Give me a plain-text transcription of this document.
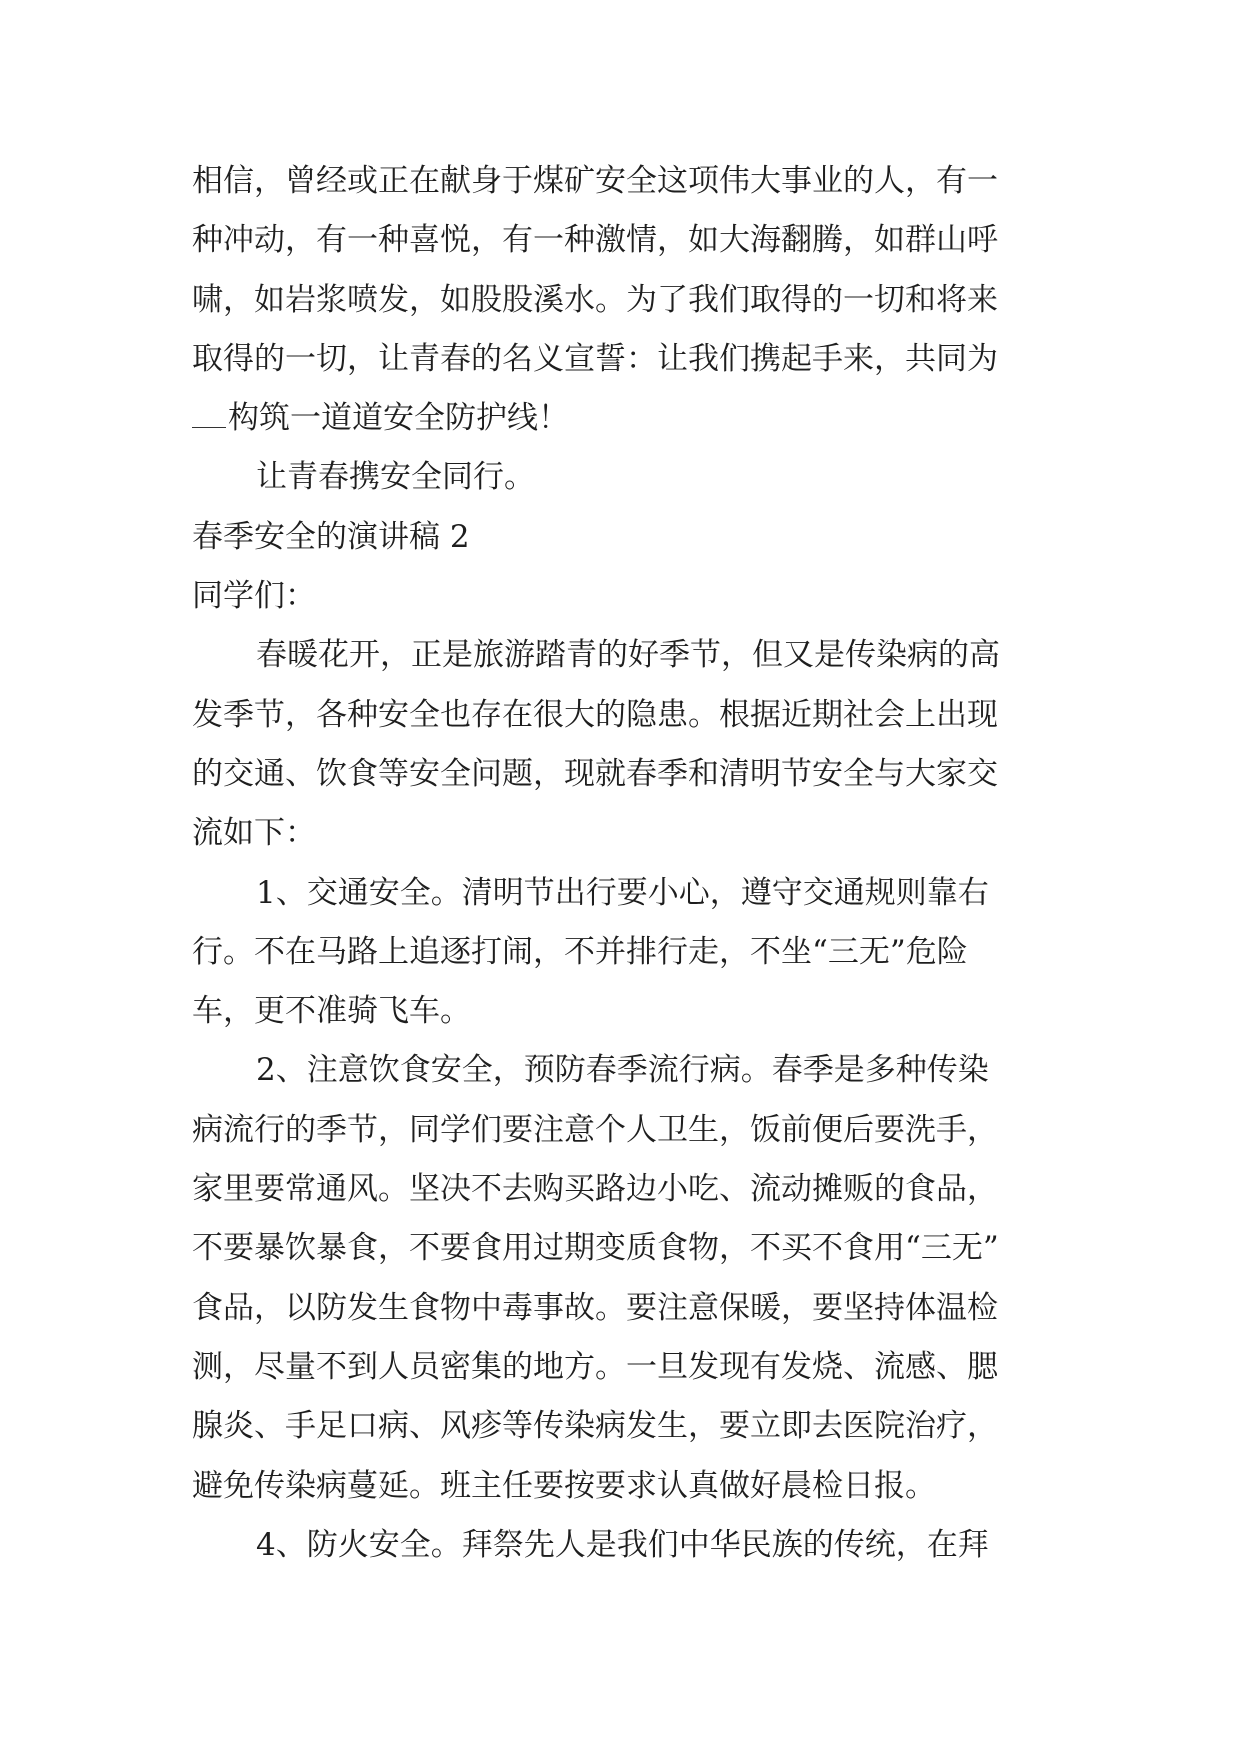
相信，曾经或正在献身于煤矿安全这项伟大事业的人，有一
种冲动，有一种喜悦，有一种激情，如大海翻腾，如群山呼
啸，如岩浆喷发，如股股溪水。为了我们取得的一切和将来
取得的一切，让青春的名义宣誓：让我们携起手来，共同为
构筑一道道安全防护线！
让青春携安全同行。
春季安全的演讲稿 2
同学们：
春暖花开，正是旅游踏青的好季节，但又是传染病的高
发季节，各种安全也存在很大的隐患。根据近期社会上出现
的交通、饮食等安全问题，现就春季和清明节安全与大家交
流如下：
1、交通安全。清明节出行要小心，遵守交通规则靠右
行。不在马路上追逐打闹，不并排行走，不坐“三无”危险
车，更不准骑飞车。
2、注意饮食安全，预防春季流行病。春季是多种传染
病流行的季节，同学们要注意个人卫生，饭前便后要洗手，
家里要常通风。坚决不去购买路边小吃、流动摊贩的食品，
不要暴饮暴食，不要食用过期变质食物，不买不食用“三无”
食品，以防发生食物中毒事故。要注意保暖，要坚持体温检
测，尽量不到人员密集的地方。一旦发现有发烧、流感、腮
腺炎、手足口病、风疹等传染病发生，要立即去医院治疗，
避免传染病蔓延。班主任要按要求认真做好晨检日报。
4、防火安全。拜祭先人是我们中华民族的传统，在拜
